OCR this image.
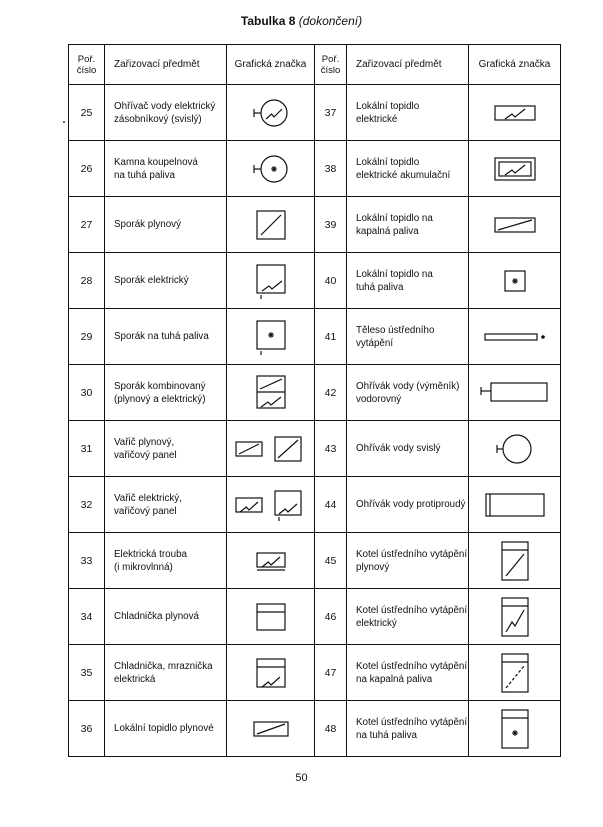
Tabulka 8 (dokončení)
Poř. číslo	Zařizovací předmět	Grafická značka	Poř. číslo	Zařizovací předmět	Grafická značka
25	Ohřívač vody elektrický
zásobníkový (svislý)		37	Lokální topidlo
elektrické	
26	Kamna koupelnová
na tuhá paliva		38	Lokální topidlo
elektrické akumulační	
27	Sporák plynový		39	Lokální topidlo na
kapalná paliva	
28	Sporák elektrický		40	Lokální topidlo na
tuhá paliva	
29	Sporák na tuhá paliva		41	Těleso ústředního
vytápění	
30	Sporák kombinovaný
(plynový a elektrický)		42	Ohřívák vody (výměník)
vodorovný	
31	Vařič plynový,
vařičový panel		43	Ohřívák vody svislý	
32	Vařič elektrický,
vařičový panel		44	Ohřívák vody protiproudý	
33	Elektrická trouba
(i mikrovlnná)		45	Kotel ústředního vytápění
plynový	
34	Chladnička plynová		46	Kotel ústředního vytápění
elektrický	
35	Chladnička, mraznička
elektrická		47	Kotel ústředního vytápění
na kapalná paliva	
36	Lokální topidlo plynové		48	Kotel ústředního vytápění
na tuhá paliva	
50
